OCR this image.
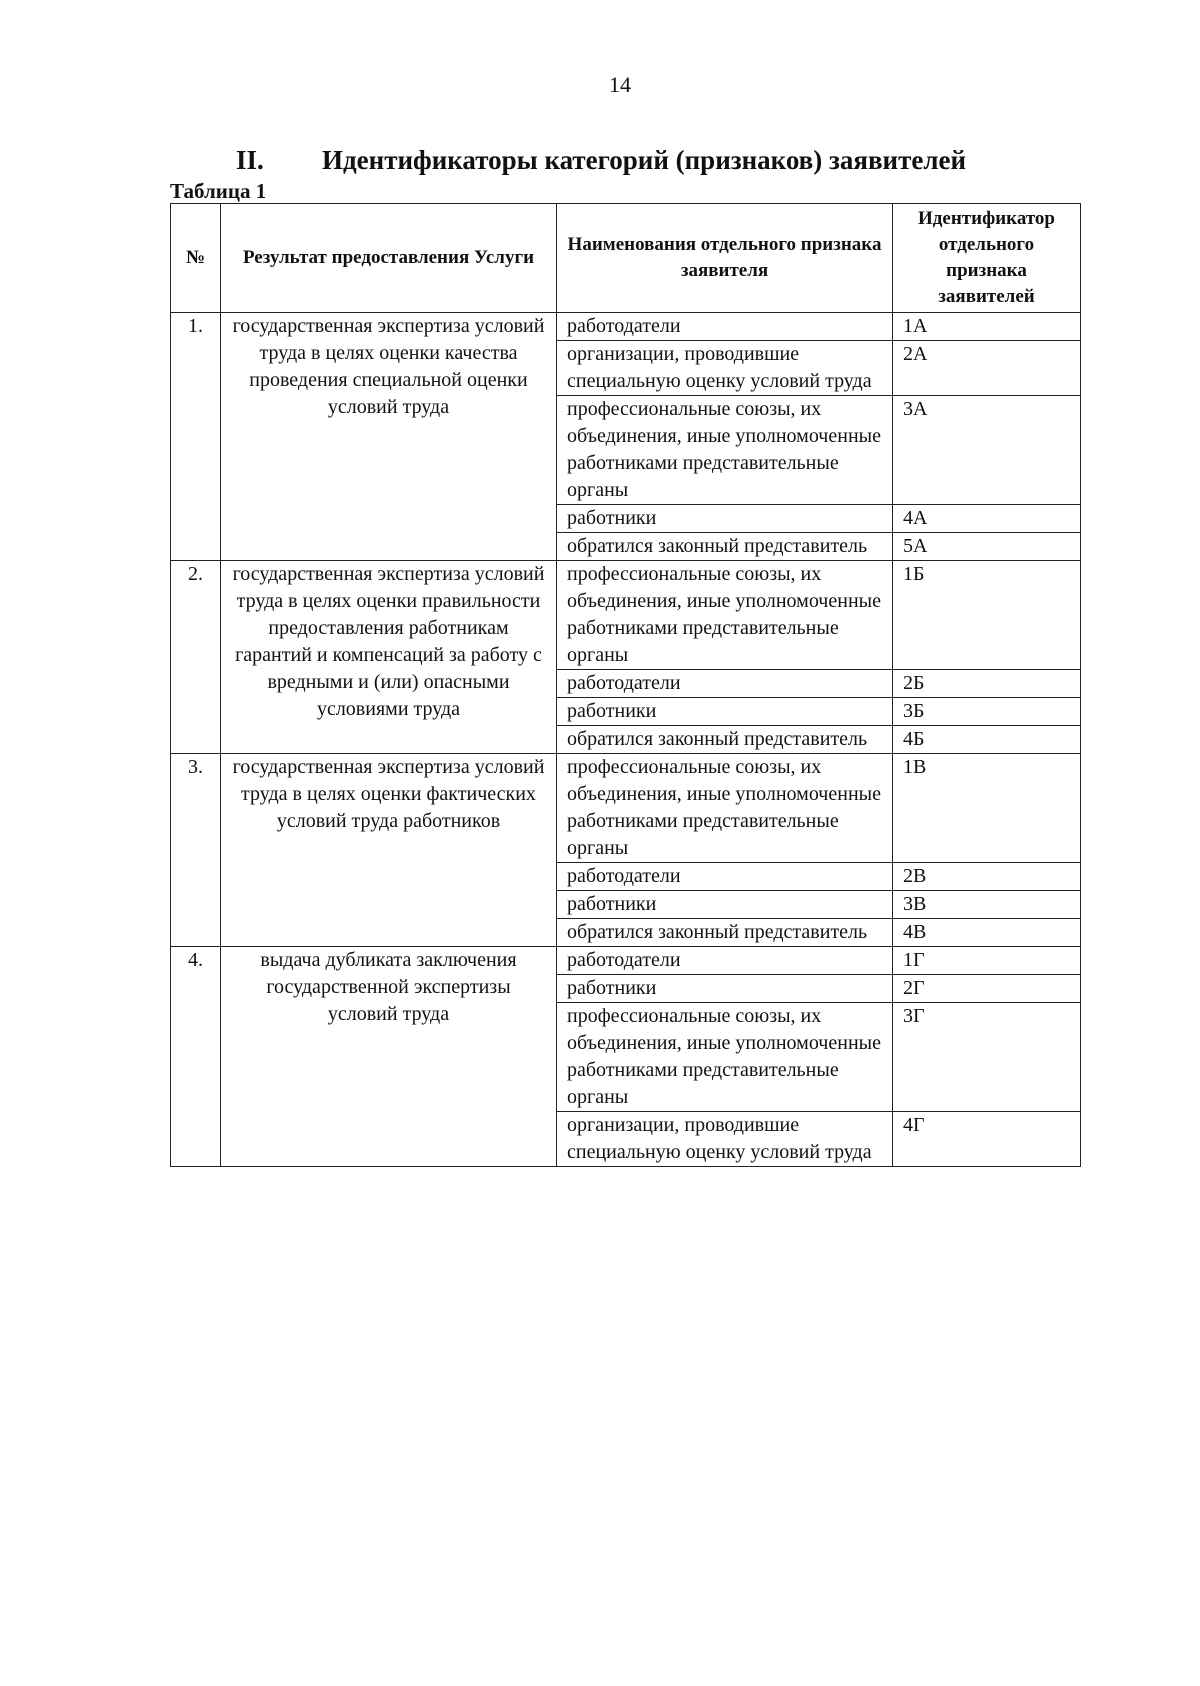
14
II. Идентификаторы категорий (признаков) заявителей
Таблица 1
№	Результат предоставления Услуги	Наименования отдельного признака заявителя	Идентификатор отдельного признака заявителей
1.	государственная экспертиза условий труда в целях оценки качества проведения специальной оценки условий труда	работодатели	1А
		организации, проводившие специальную оценку условий труда	2А
		профессиональные союзы, их объединения, иные уполномоченные работниками представительные органы	3А
		работники	4А
		обратился законный представитель	5А
2.	государственная экспертиза условий труда в целях оценки правильности предоставления работникам гарантий и компенсаций за работу с вредными и (или) опасными условиями труда	профессиональные союзы, их объединения, иные уполномоченные работниками представительные органы	1Б
		работодатели	2Б
		работники	3Б
		обратился законный представитель	4Б
3.	государственная экспертиза условий труда в целях оценки фактических условий труда работников	профессиональные союзы, их объединения, иные уполномоченные работниками представительные органы	1В
		работодатели	2В
		работники	3В
		обратился законный представитель	4В
4.	выдача дубликата заключения государственной экспертизы условий труда	работодатели	1Г
		работники	2Г
		профессиональные союзы, их объединения, иные уполномоченные работниками представительные органы	3Г
		организации, проводившие специальную оценку условий труда	4Г
